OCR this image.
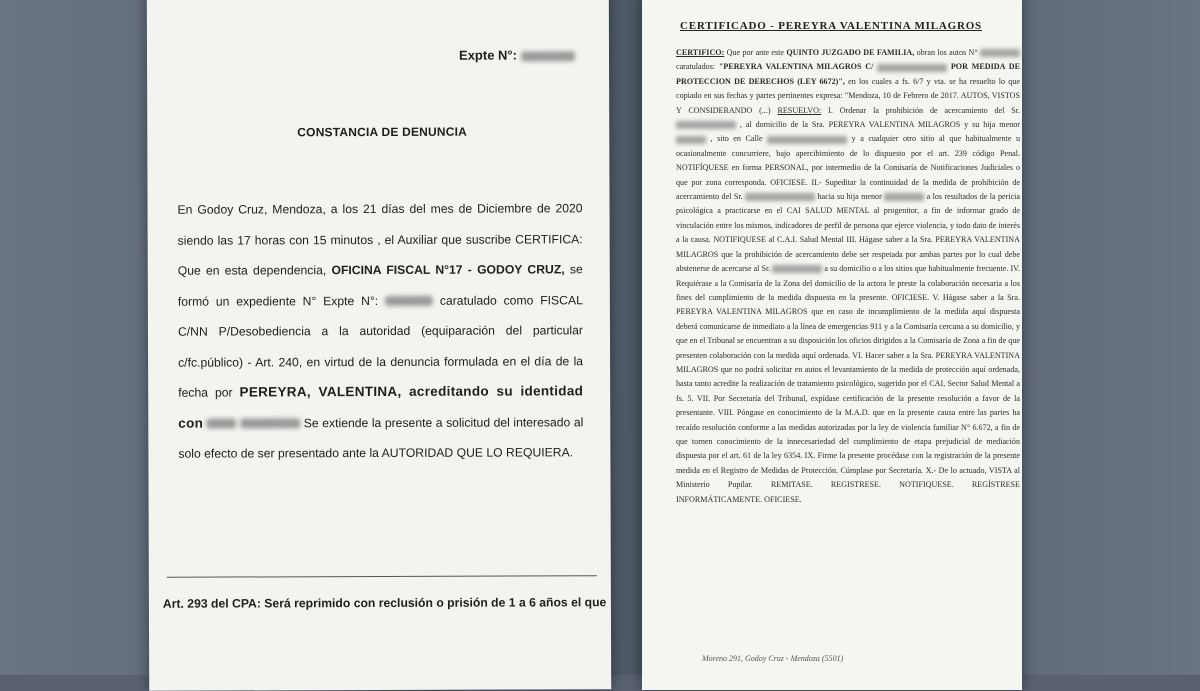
Expte N°:
CONSTANCIA DE DENUNCIA
En Godoy Cruz, Mendoza, a los 21 días del mes de Diciembre de 2020 siendo las 17 horas con 15 minutos , el Auxiliar que suscribe CERTIFICA: Que en esta dependencia, OFICINA FISCAL N°17 - GODOY CRUZ, se formó un expediente N° Expte N°:	caratulado como FISCAL C/NN P/Desobediencia a la autoridad (equiparación del particular c/fc.público) - Art. 240, en virtud de la denuncia formulada en el día de la fecha por PEREYRA, VALENTINA, acreditando su identidad con	Se extiende la presente a solicitud del interesado al solo efecto de ser presentado ante la AUTORIDAD QUE LO REQUIERA.
Art. 293 del CPA: Será reprimido con reclusión o prisión de 1 a 6 años el que
CERTIFICADO - PEREYRA VALENTINA MILAGROS
CERTIFICO: Que por ante este QUINTO JUZGADO DE FAMILIA, obran los autos N°  caratulados: "PEREYRA VALENTINA MILAGROS C/	POR MEDIDA DE PROTECCION DE DERECHOS (LEY 6672)", en los cuales a fs. 6/7 y vta. se ha resuelto lo que copiado en sus fechas y partes pertinentes expresa: "Mendoza, 10 de Febrero de 2017. AUTOS, VISTOS Y CONSIDERANDO (...) RESUELVO: I. Ordenar la prohibición de acercamiento del Sr.  , al domicilio de la Sra. PEREYRA VALENTINA MILAGROS y su hija menor  , sito en Calle	y a cualquier otro sitio al que habitualmente u ocasionalmente concurriere, bajo apercibimiento de lo dispuesto por el art. 239 código Penal. NOTIFÍQUESE en forma PERSONAL, por intermedio de la Comisaría de Notificaciones Judiciales o que por zona corresponda. OFICIESE. II.- Supeditar la continuidad de la medida de prohibición de acercamiento del Sr.	hacia su hija menor	a los resultados de la pericia psicológica a practicarse en el CAI SALUD MENTAL al progenitor, a fin de informar grado de vinculación entre los mismos, indicadores de perfil de persona que ejerce violencia, y todo dato de interés a la causa. NOTIFIQUESE al C.A.I. Salud Mental III. Hágase saber a la Sra. PEREYRA VALENTINA MILAGROS que la prohibición de acercamiento debe ser respetada por ambas partes por lo cual debe abstenerse de acercarse al Sr.	a su domicilio o a los sitios que habitualmente frecuente. IV. Requiérase a la Comisaría de la Zona del domicilio de la actora le preste la colaboración necesaria a los fines del cumplimiento de la medida dispuesta en la presente. OFICIESE. V. Hágase saber a la Sra. PEREYRA VALENTINA MILAGROS que en caso de incumplimiento de la medida aquí dispuesta deberá comunicarse de inmediato a la línea de emergencias 911 y a la Comisaría cercana a su domicilio, y que en el Tribunal se encuentran a su disposición los oficios dirigidos a la Comisaría de Zona a fin de que presenten colaboración con la medida aquí ordenada. VI. Hacer saber a la Sra. PEREYRA VALENTINA MILAGROS que no podrá solicitar en autos el levantamiento de la medida de protección aquí ordenada, hasta tanto acredite la realización de tratamiento psicológico, sugerido por el CAI, Sector Salud Mental a fs. 5. VII. Por Secretaría del Tribunal, expídase certificación de la presente resolución a favor de la presentante. VIII. Póngase en conocimiento de la M.A.D. que en la presente causa entre las partes ha recaído resolución conforme a las medidas autorizadas por la ley de violencia familiar N° 6.672, a fin de que tornen conocimiento de la innecesariedad del cumplimiento de etapa prejudicial de mediación dispuesta por el art. 61 de la ley 6354. IX. Firme la presente procédase con la registración de la presente medida en el Registro de Medidas de Protección. Cúmplase por Secretaría. X.- De lo actuado, VISTA al Ministerio Pupilar. REMITASE. REGISTRESE. NOTIFIQUESE. REGÍSTRESE INFORMÁTICAMENTE. OFICIESE.
Moreno 291, Godoy Cruz - Mendoza (5501)
